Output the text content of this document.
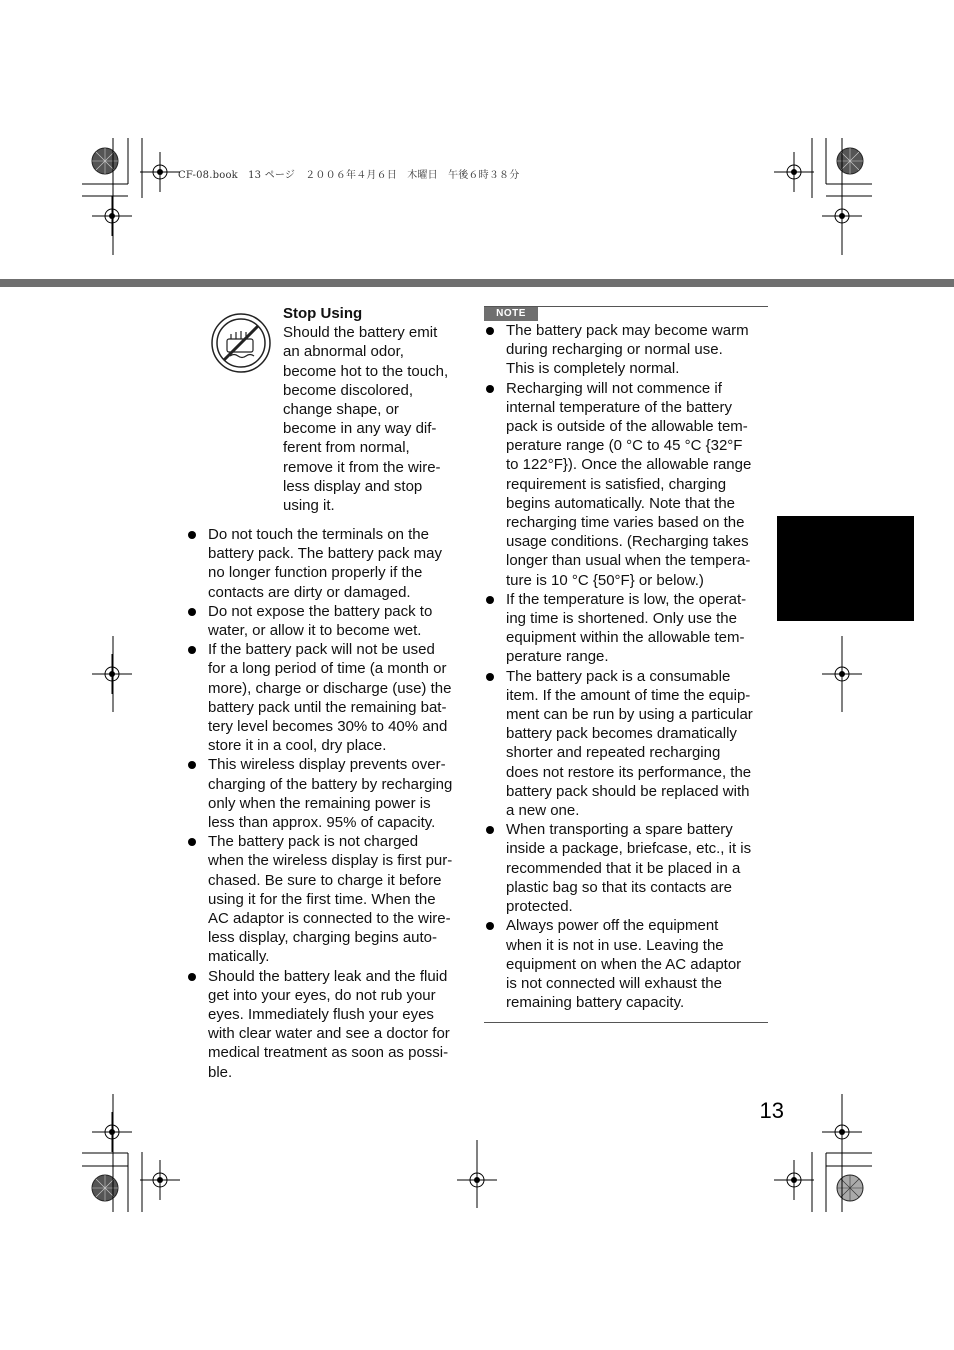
CF-08.book　13 ページ　２００６年４月６日　木曜日　午後６時３８分
Stop Using
Should the battery emit
an abnormal odor,
become hot to the touch,
become discolored,
change shape, or
become in any way dif-
ferent from normal,
remove it from the wire-
less display and stop
using it.
Do not touch the terminals on the
battery pack. The battery pack may
no longer function properly if the
contacts are dirty or damaged.
Do not expose the battery pack to
water, or allow it to become wet.
If the battery pack will not be used
for a long period of time (a month or
more), charge or discharge (use) the
battery pack until the remaining bat-
tery level becomes 30% to 40% and
store it in a cool, dry place.
This wireless display prevents over-
charging of the battery by recharging
only when the remaining power is
less than approx. 95% of capacity.
The battery pack is not charged
when the wireless display is first pur-
chased. Be sure to charge it before
using it for the first time. When the
AC adaptor is connected to the wire-
less display, charging begins auto-
matically.
Should the battery leak and the fluid
get into your eyes, do not rub your
eyes. Immediately flush your eyes
with clear water and see a doctor for
medical treatment as soon as possi-
ble.
NOTE
The battery pack may become warm
during recharging or normal use.
This is completely normal.
Recharging will not commence if
internal temperature of the battery
pack is outside of the allowable tem-
perature range (0 °C to 45 °C {32°F
to 122°F}). Once the allowable range
requirement is satisfied, charging
begins automatically. Note that the
recharging time varies based on the
usage conditions. (Recharging takes
longer than usual when the tempera-
ture is 10 °C {50°F} or below.)
If the temperature is low, the operat-
ing time is shortened. Only use the
equipment within the allowable tem-
perature range.
The battery pack is a consumable
item. If the amount of time the equip-
ment can be run by using a particular
battery pack becomes dramatically
shorter and repeated recharging
does not restore its performance, the
battery pack should be replaced with
a new one.
When transporting a spare battery
inside a package, briefcase, etc., it is
recommended that it be placed in a
plastic bag so that its contacts are
protected.
Always power off the equipment
when it is not in use. Leaving the
equipment on when the AC adaptor
is not connected will exhaust the
remaining battery capacity.
13
